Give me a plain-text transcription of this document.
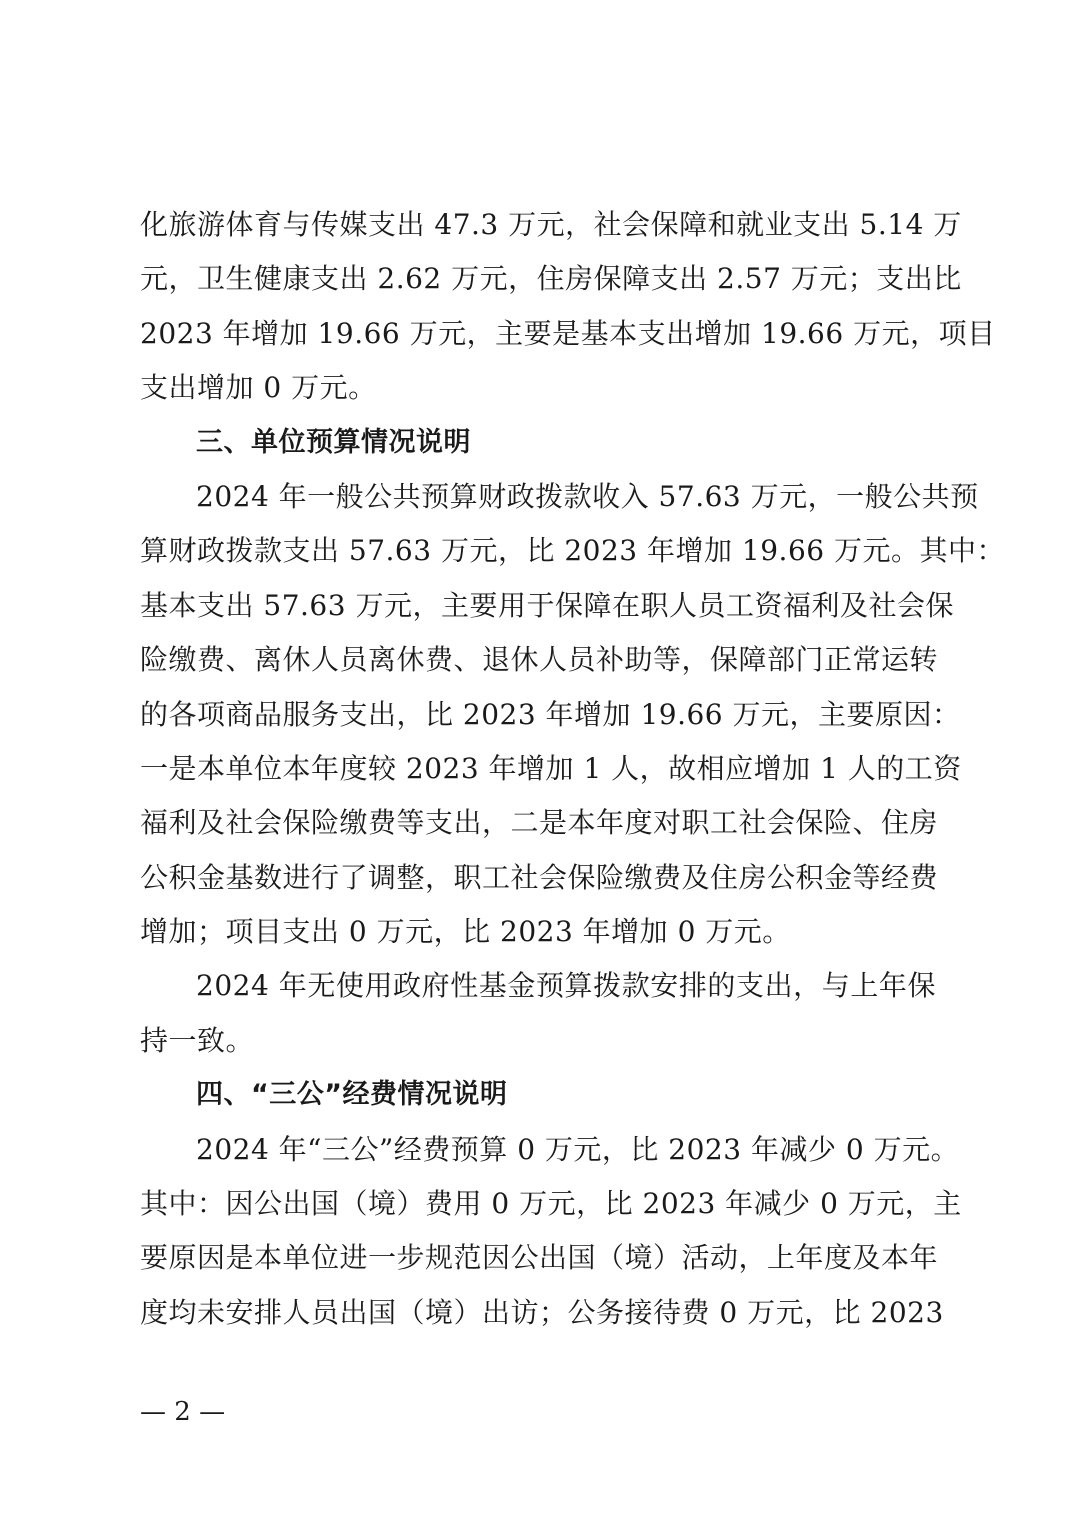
化旅游体育与传媒支出 47.3 万元，社会保障和就业支出 5.14 万
元，卫生健康支出 2.62 万元，住房保障支出 2.57 万元；支出比
2023 年增加 19.66 万元，主要是基本支出增加 19.66 万元，项目
支出增加 0 万元。
三、单位预算情况说明
2024 年一般公共预算财政拨款收入 57.63 万元，一般公共预
算财政拨款支出 57.63 万元，比 2023 年增加 19.66 万元。其中：
基本支出 57.63 万元，主要用于保障在职人员工资福利及社会保
险缴费、离休人员离休费、退休人员补助等，保障部门正常运转
的各项商品服务支出，比 2023 年增加 19.66 万元，主要原因：
一是本单位本年度较 2023 年增加 1 人，故相应增加 1 人的工资
福利及社会保险缴费等支出，二是本年度对职工社会保险、住房
公积金基数进行了调整，职工社会保险缴费及住房公积金等经费
增加；项目支出 0 万元，比 2023 年增加 0 万元。
2024 年无使用政府性基金预算拨款安排的支出，与上年保
持一致。
四、“三公”经费情况说明
2024 年“三公”经费预算 0 万元，比 2023 年减少 0 万元。
其中：因公出国（境）费用 0 万元，比 2023 年减少 0 万元，主
要原因是本单位进一步规范因公出国（境）活动，上年度及本年
度均未安排人员出国（境）出访；公务接待费 0 万元，比 2023
— 2 —
